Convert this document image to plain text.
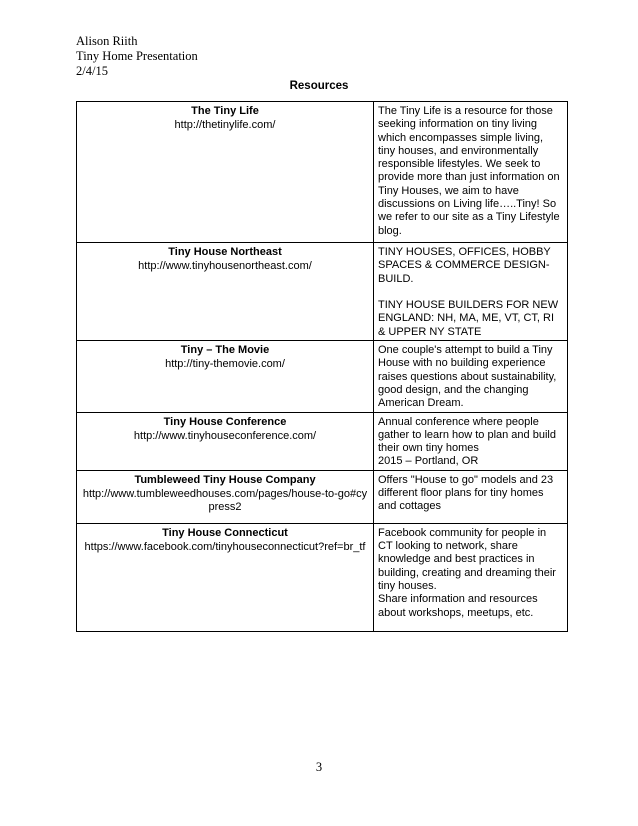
Alison Riith
Tiny Home Presentation
2/4/15
Resources
The Tiny Life
http://thetinylife.com/	The Tiny Life is a resource for those seeking information on tiny living which encompasses simple living, tiny houses, and environmentally responsible lifestyles. We seek to provide more than just information on Tiny Houses, we aim to have discussions on Living life…..Tiny! So we refer to our site as a Tiny Lifestyle blog.

Tiny House Northeast
http://www.tinyhousenortheast.com/	TINY HOUSES, OFFICES, HOBBY SPACES & COMMERCE DESIGN-BUILD.

TINY HOUSE BUILDERS FOR NEW ENGLAND: NH, MA, ME, VT, CT, RI & UPPER NY STATE

Tiny – The Movie
http://tiny-themovie.com/	One couple's attempt to build a Tiny House with no building experience raises questions about sustainability, good design, and the changing American Dream.

Tiny House Conference
http://www.tinyhouseconference.com/	Annual conference where people gather to learn how to plan and build their own tiny homes
2015 – Portland, OR

Tumbleweed Tiny House Company
http://www.tumbleweedhouses.com/pages/house-to-go#cypress2	Offers "House to go" models and 23 different floor plans for tiny homes and cottages

Tiny House Connecticut
https://www.facebook.com/tinyhouseconnecticut?ref=br_tf	Facebook community for people in CT looking to network, share knowledge and best practices in building, creating and dreaming their tiny houses.
Share information and resources about workshops, meetups, etc.
3
